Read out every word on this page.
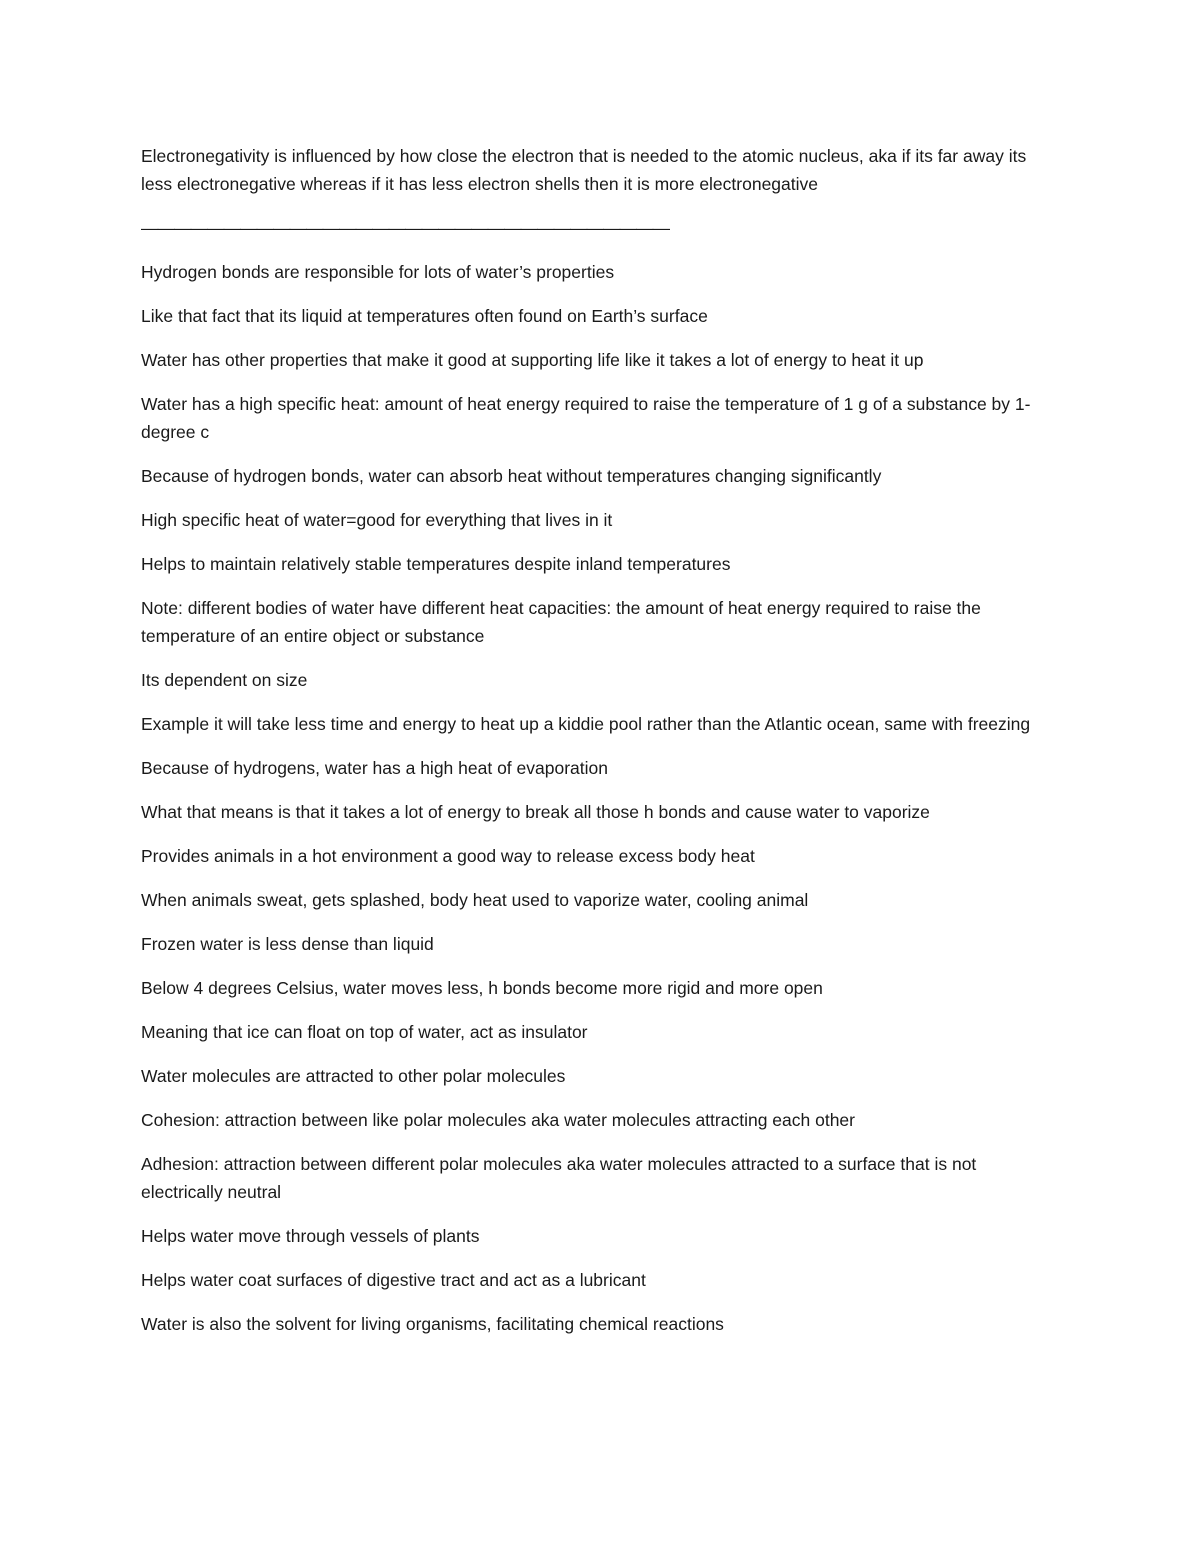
Electronegativity is influenced by how close the electron that is needed to the atomic nucleus, aka if its far away its less electronegative whereas if it has less electron shells then it is more electronegative

————————————————————————————————

Hydrogen bonds are responsible for lots of water’s properties

Like that fact that its liquid at temperatures often found on Earth’s surface

Water has other properties that make it good at supporting life like it takes a lot of energy to heat it up

Water has a high specific heat: amount of heat energy required to raise the temperature of 1 g of a substance by 1-degree c

Because of hydrogen bonds, water can absorb heat without temperatures changing significantly

High specific heat of water=good for everything that lives in it

Helps to maintain relatively stable temperatures despite inland temperatures

Note: different bodies of water have different heat capacities: the amount of heat energy required to raise the temperature of an entire object or substance

Its dependent on size

Example it will take less time and energy to heat up a kiddie pool rather than the Atlantic ocean, same with freezing

Because of hydrogens, water has a high heat of evaporation

What that means is that it takes a lot of energy to break all those h bonds and cause water to vaporize

Provides animals in a hot environment a good way to release excess body heat

When animals sweat, gets splashed, body heat used to vaporize water, cooling animal

Frozen water is less dense than liquid

Below 4 degrees Celsius, water moves less, h bonds become more rigid and more open

Meaning that ice can float on top of water, act as insulator

Water molecules are attracted to other polar molecules

Cohesion: attraction between like polar molecules aka water molecules attracting each other

Adhesion: attraction between different polar molecules aka water molecules attracted to a surface that is not electrically neutral

Helps water move through vessels of plants

Helps water coat surfaces of digestive tract and act as a lubricant

Water is also the solvent for living organisms, facilitating chemical reactions
